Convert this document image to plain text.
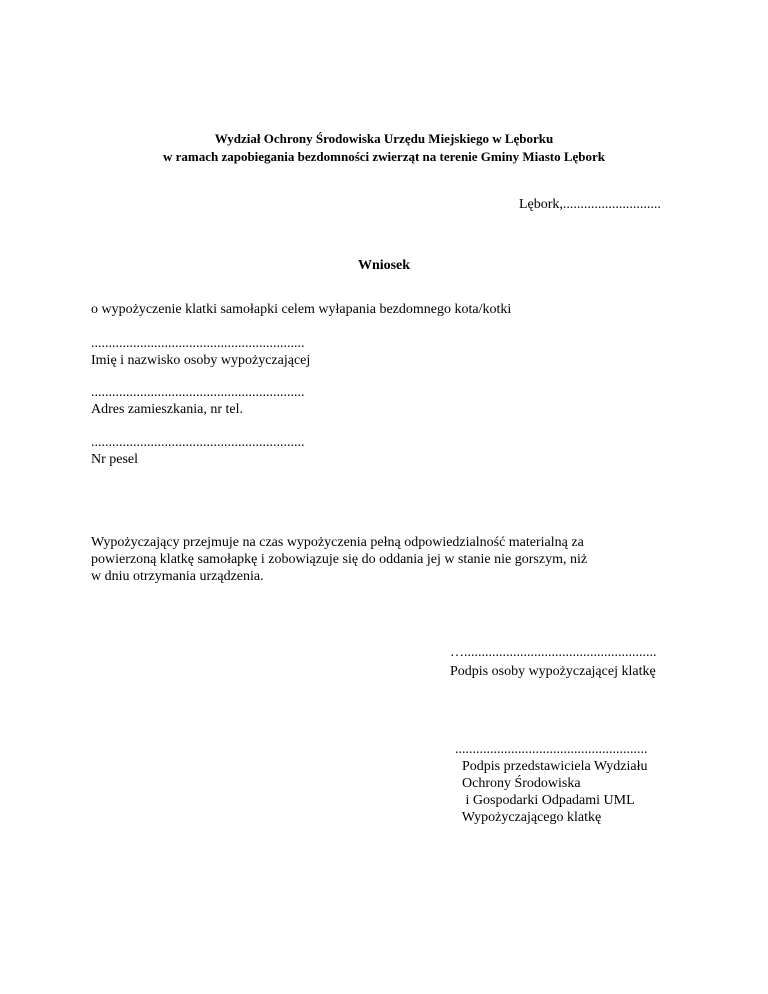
Wydział Ochrony Środowiska Urzędu Miejskiego w Lęborku
w ramach zapobiegania bezdomności zwierząt na terenie Gminy Miasto Lębork
Lębork,............................
Wniosek
o wypożyczenie klatki samołapki celem wyłapania bezdomnego kota/kotki
.............................................................
Imię i nazwisko osoby wypożyczającej
.............................................................
Adres zamieszkania, nr tel.
.............................................................
Nr pesel
Wypożyczający przejmuje na czas wypożyczenia pełną odpowiedzialność materialną za
powierzoną klatkę samołapkę i zobowiązuje się do oddania jej w stanie nie gorszym, niż
w dniu otrzymania urządzenia.
….......................................................
Podpis osoby wypożyczającej klatkę
.......................................................
Podpis przedstawiciela Wydziału
Ochrony Środowiska
i Gospodarki Odpadami UML
Wypożyczającego klatkę
